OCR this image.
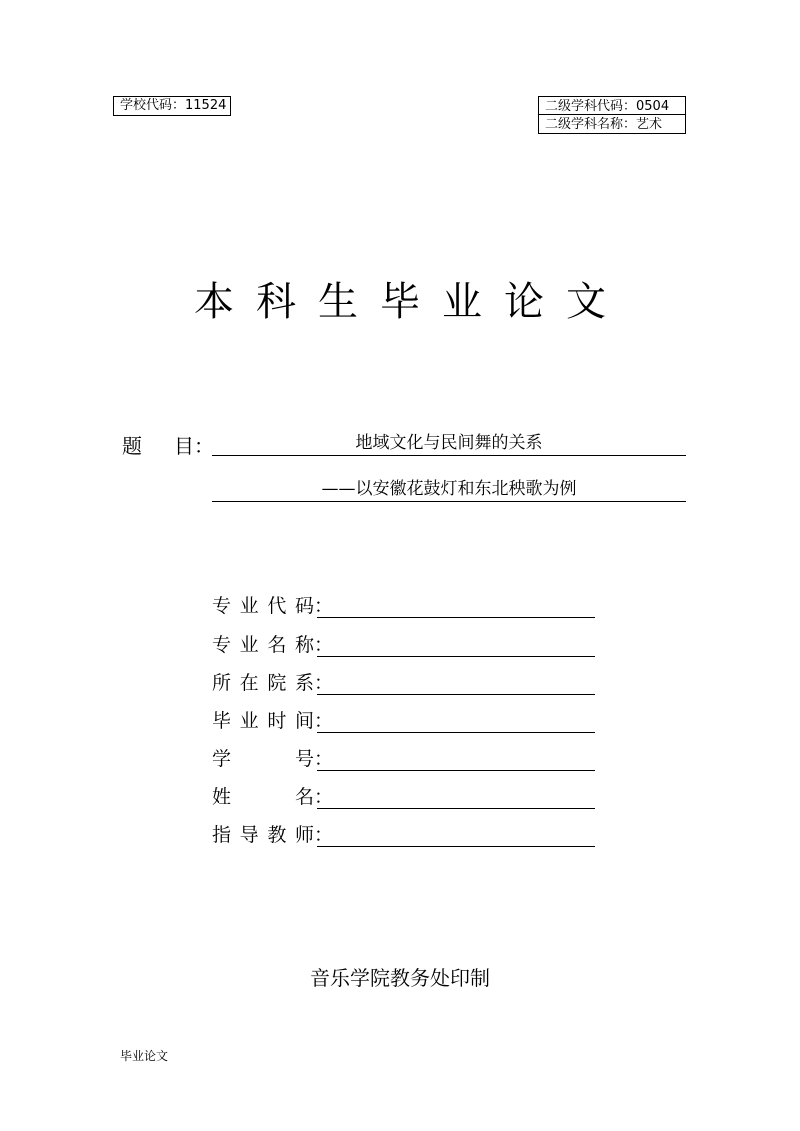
学校代码：11524	二级学科代码：0504
二级学科名称：艺术
本科生毕业论文
题 目：	地域文化与民间舞的关系
——以安徽花鼓灯和东北秧歌为例
专业代码：
专业名称：
所在院系：
毕业时间：
学号：
姓名：
指导教师：
音乐学院教务处印制
毕业论文
